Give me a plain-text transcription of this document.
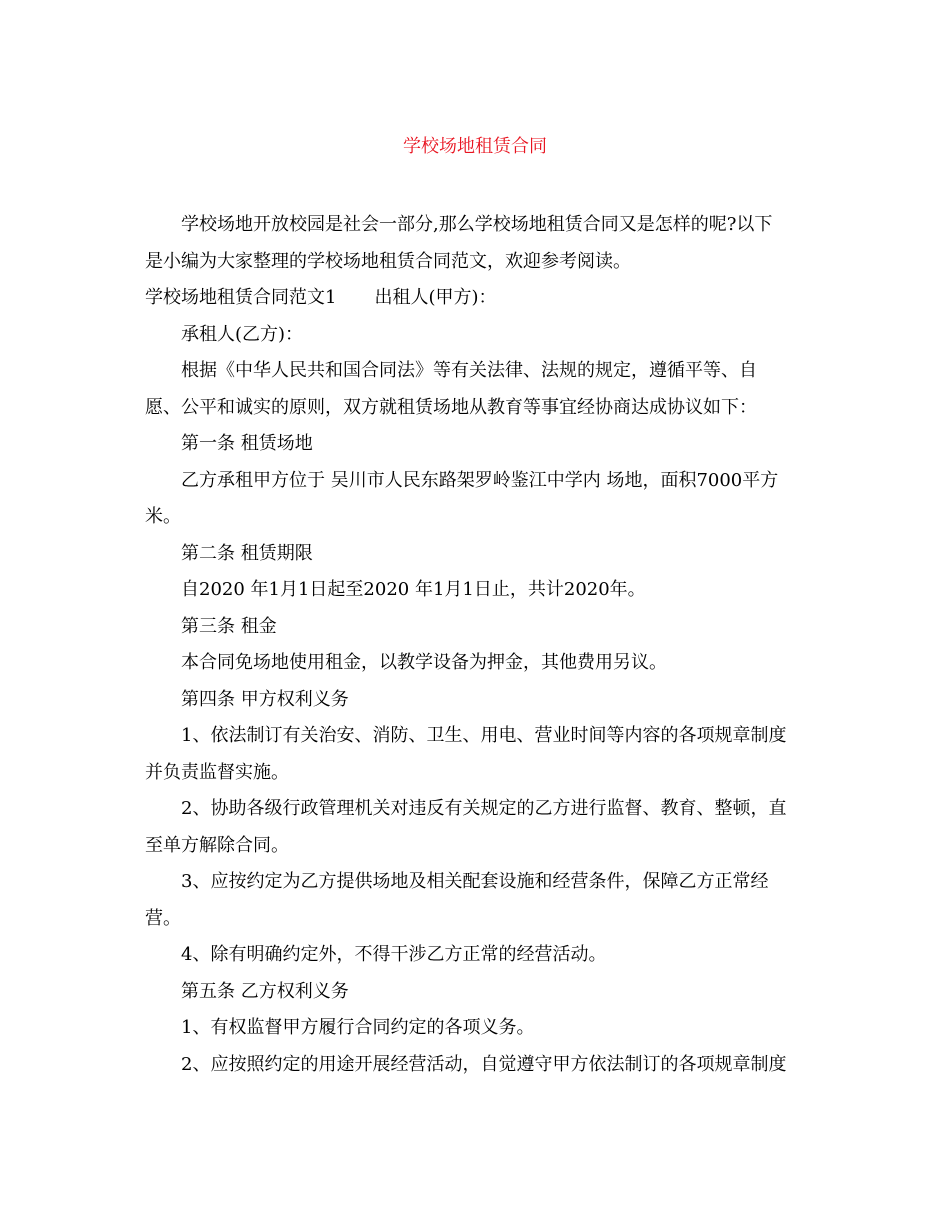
学校场地租赁合同

学校场地开放校园是社会一部分,那么学校场地租赁合同又是怎样的呢?以下

是小编为大家整理的学校场地租赁合同范文，欢迎参考阅读。

学校场地租赁合同范文1 出租人(甲方)：

承租人(乙方)：

根据《中华人民共和国合同法》等有关法律、法规的规定，遵循平等、自

愿、公平和诚实的原则，双方就租赁场地从教育等事宜经协商达成协议如下：

第一条 租赁场地

乙方承租甲方位于 吴川市人民东路架罗岭鉴江中学内 场地，面积7000平方

米。

第二条 租赁期限

自2020 年1月1日起至2020 年1月1日止，共计2020年。

第三条 租金

本合同免场地使用租金，以教学设备为押金，其他费用另议。

第四条 甲方权利义务

1、依法制订有关治安、消防、卫生、用电、营业时间等内容的各项规章制度

并负责监督实施。

2、协助各级行政管理机关对违反有关规定的乙方进行监督、教育、整顿，直

至单方解除合同。

3、应按约定为乙方提供场地及相关配套设施和经营条件，保障乙方正常经

营。

4、除有明确约定外，不得干涉乙方正常的经营活动。

第五条 乙方权利义务

1、有权监督甲方履行合同约定的各项义务。

2、应按照约定的用途开展经营活动，自觉遵守甲方依法制订的各项规章制度
